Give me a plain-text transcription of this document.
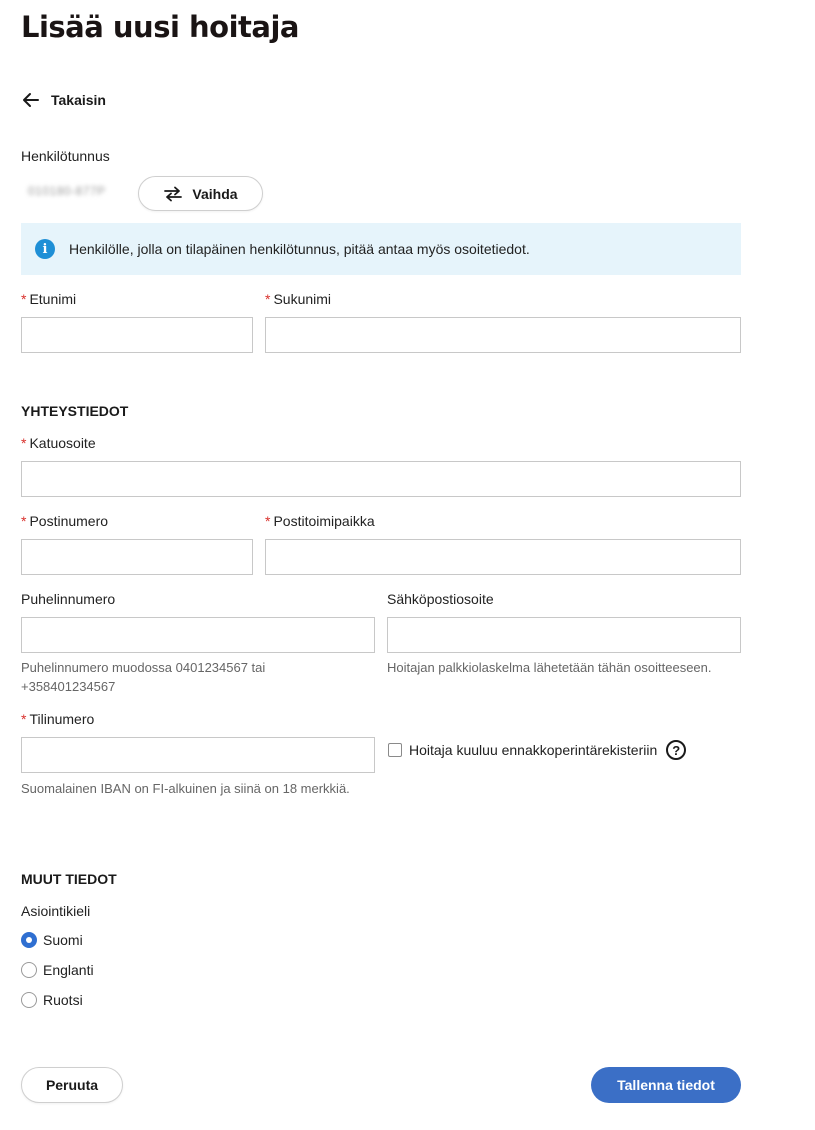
Lisää uusi hoitaja
Takaisin
Henkilötunnus
010180-877P	Vaihda
i	Henkilölle, jolla on tilapäinen henkilötunnus, pitää antaa myös osoitetiedot.
* Etunimi	* Sukunimi
YHTEYSTIEDOT
* Katuosoite
* Postinumero	* Postitoimipaikka
Puhelinnumero
Puhelinnumero muodossa 0401234567 tai
+358401234567
Sähköpostiosoite
Hoitajan palkkiolaskelma lähetetään tähän osoitteeseen.
* Tilinumero
Suomalainen IBAN on FI-alkuinen ja siinä on 18 merkkiä.
Hoitaja kuuluu ennakkoperintärekisteriin	?
MUUT TIEDOT
Asiointikieli
Suomi
Englanti
Ruotsi
Peruuta	Tallenna tiedot
